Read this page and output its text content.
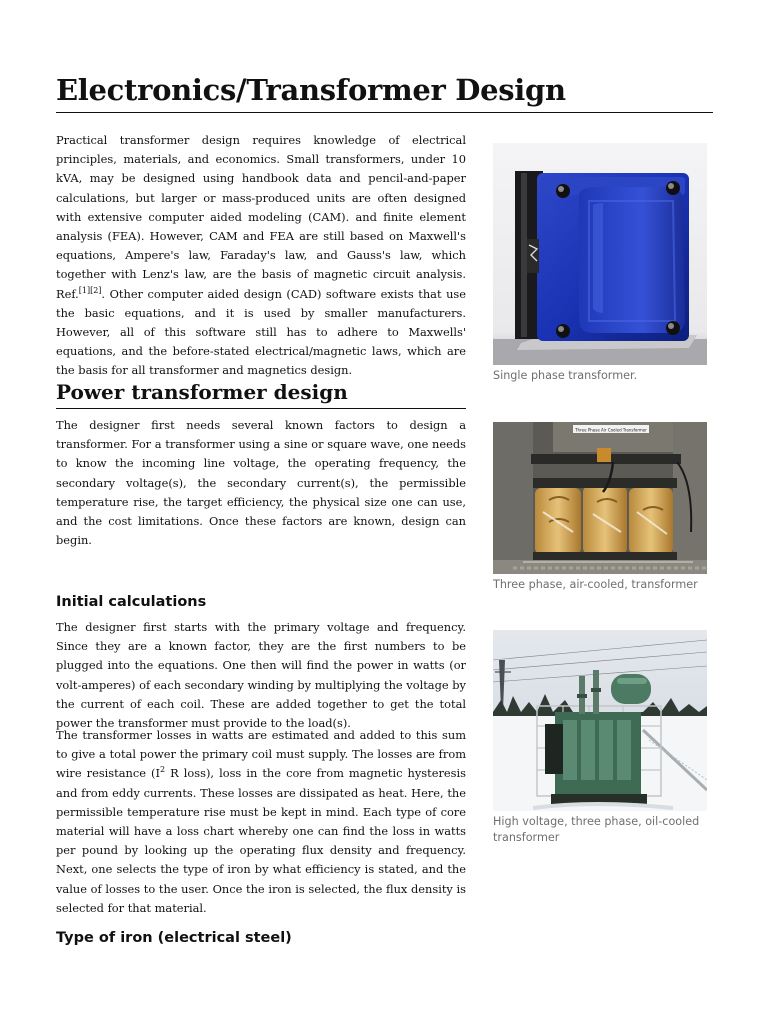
Electronics/Transformer Design

Practical transformer design requires knowledge of electrical principles, materials, and economics. Small transformers, under 10 kVA, may be designed using handbook data and pencil-and-paper calculations, but larger or mass-produced units are often designed with extensive computer aided modeling (CAM). and finite element analysis (FEA). However, CAM and FEA are still based on Maxwell's equations, Ampere's law, Faraday's law, and Gauss's law, which together with Lenz's law, are the basis of magnetic circuit analysis. Ref.[1][2]. Other computer aided design (CAD) software exists that use the basic equations, and it is used by smaller manufacturers. However, all of this software still has to adhere to Maxwells' equations, and the before-stated electrical/magnetic laws, which are the basis for all transformer and magnetics design.

Power transformer design

The designer first needs several known factors to design a transformer. For a transformer using a sine or square wave, one needs to know the incoming line voltage, the operating frequency, the secondary voltage(s), the secondary current(s), the permissible temperature rise, the target efficiency, the physical size one can use, and the cost limitations. Once these factors are known, design can begin.

Initial calculations

The designer first starts with the primary voltage and frequency. Since they are a known factor, they are the first numbers to be plugged into the equations. One then will find the power in watts (or volt-amperes) of each secondary winding by multiplying the voltage by the current of each coil. These are added together to get the total power the transformer must provide to the load(s).

The transformer losses in watts are estimated and added to this sum to give a total power the primary coil must supply. The losses are from wire resistance ($I^2$ R loss), loss in the core from magnetic hysteresis and from eddy currents. These losses are dissipated as heat. Here, the permissible temperature rise must be kept in mind. Each type of core material will have a loss chart whereby one can find the loss in watts per pound by looking up the operating flux density and frequency. Next, one selects the type of iron by what efficiency is stated, and the value of losses to the user. Once the iron is selected, the flux density is selected for that material.

Type of iron (electrical steel)
Single phase transformer.
Three Phase Air Cooled Transformer
Three phase, air-cooled, transformer
High voltage, three phase, oil-cooled transformer
